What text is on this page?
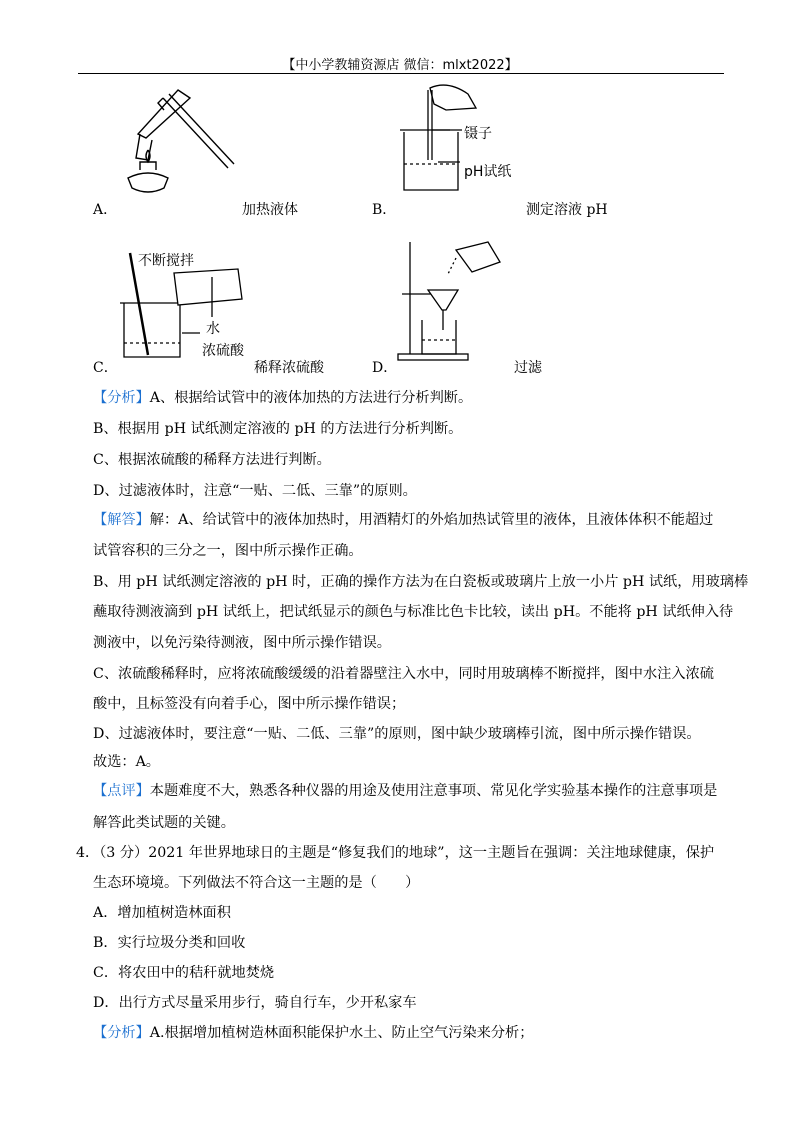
【中小学教辅资源店 微信：mlxt2022】
A．	加热液体
镊子
pH试纸
B．	测定溶液 pH
不断搅拌
水
浓硫酸
C．	稀释浓硫酸	D．	过滤
【分析】A、根据给试管中的液体加热的方法进行分析判断。
B、根据用 pH 试纸测定溶液的 pH 的方法进行分析判断。
C、根据浓硫酸的稀释方法进行判断。
D、过滤液体时，注意“一贴、二低、三靠”的原则。
【解答】解：A、给试管中的液体加热时，用酒精灯的外焰加热试管里的液体，且液体体积不能超过
试管容积的三分之一，图中所示操作正确。
B、用 pH 试纸测定溶液的 pH 时，正确的操作方法为在白瓷板或玻璃片上放一小片 pH 试纸，用玻璃棒
蘸取待测液滴到 pH 试纸上，把试纸显示的颜色与标准比色卡比较，读出 pH。不能将 pH 试纸伸入待
测液中，以免污染待测液，图中所示操作错误。
C、浓硫酸稀释时，应将浓硫酸缓缓的沿着器壁注入水中，同时用玻璃棒不断搅拌，图中水注入浓硫
酸中，且标签没有向着手心，图中所示操作错误；
D、过滤液体时，要注意“一贴、二低、三靠”的原则，图中缺少玻璃棒引流，图中所示操作错误。
故选：A。
【点评】本题难度不大，熟悉各种仪器的用途及使用注意事项、常见化学实验基本操作的注意事项是
解答此类试题的关键。
4．（3 分）2021 年世界地球日的主题是“修复我们的地球”，这一主题旨在强调：关注地球健康，保护
生态环境境。下列做法不符合这一主题的是（　　）
A．增加植树造林面积
B．实行垃圾分类和回收
C．将农田中的秸秆就地焚烧
D．出行方式尽量采用步行，骑自行车，少开私家车
【分析】A.根据增加植树造林面积能保护水土、防止空气污染来分析；
